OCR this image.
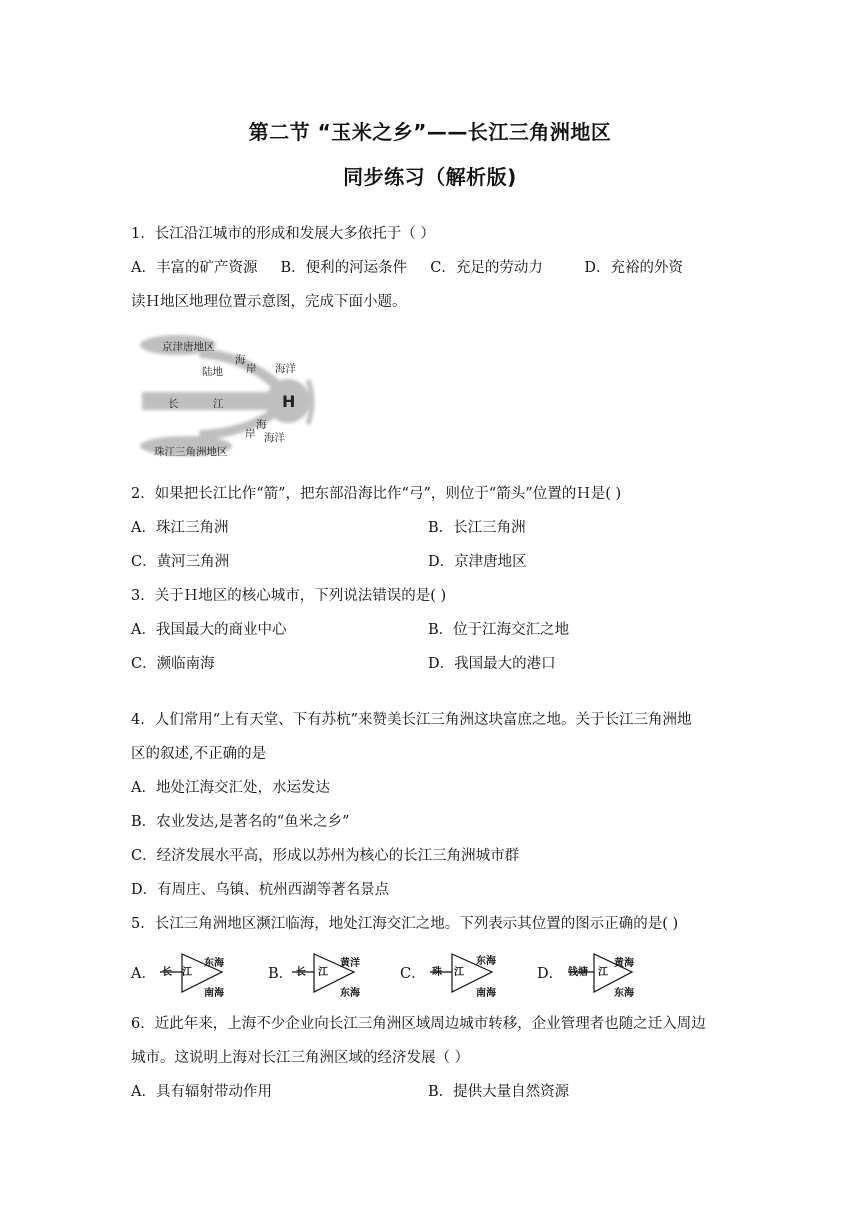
第二节 “玉米之乡”——长江三角洲地区
同步练习（解析版)
1．长江沿江城市的形成和发展大多依托于（ ）
A．丰富的矿产资源 B．便利的河运条件 C．充足的劳动力	D．充裕的外资
读Ｈ地区地理位置示意图，完成下面小题。
京津唐地区
海
岸
陆地	海洋
长	江	H
海
岸 海洋
珠江三角洲地区
2．如果把长江比作“箭”，把东部沿海比作“弓”，则位于“箭头”位置的Ｈ是( )
A．珠江三角洲	B．长江三角洲
C．黄河三角洲	D．京津唐地区
3．关于Ｈ地区的核心城市，下列说法错误的是( )
A．我国最大的商业中心	B．位于江海交汇之地
C．濒临南海	D．我国最大的港口
4．人们常用“上有天堂、下有苏杭”来赞美长江三角洲这块富庶之地。关于长江三角洲地
区的叙述,不正确的是
A．地处江海交汇处，水运发达
B．农业发达,是著名的“鱼米之乡”
C．经济发展水平高，形成以苏州为核心的长江三角洲城市群
D．有周庄、乌镇、杭州西湖等著名景点
5．长江三角洲地区濒江临海，地处江海交汇之地。下列表示其位置的图示正确的是( )
A．	B．	C．	D．
长 江
东海
南海
长 江
黄洋
东海
珠 江
东海
南海
钱塘 江
黄海
东海
6．近此年来，上海不少企业向长江三角洲区域周边城市转移，企业管理者也随之迁入周边
城市。这说明上海对长江三角洲区域的经济发展（ ）
A．具有辐射带动作用	B．提供大量自然资源
